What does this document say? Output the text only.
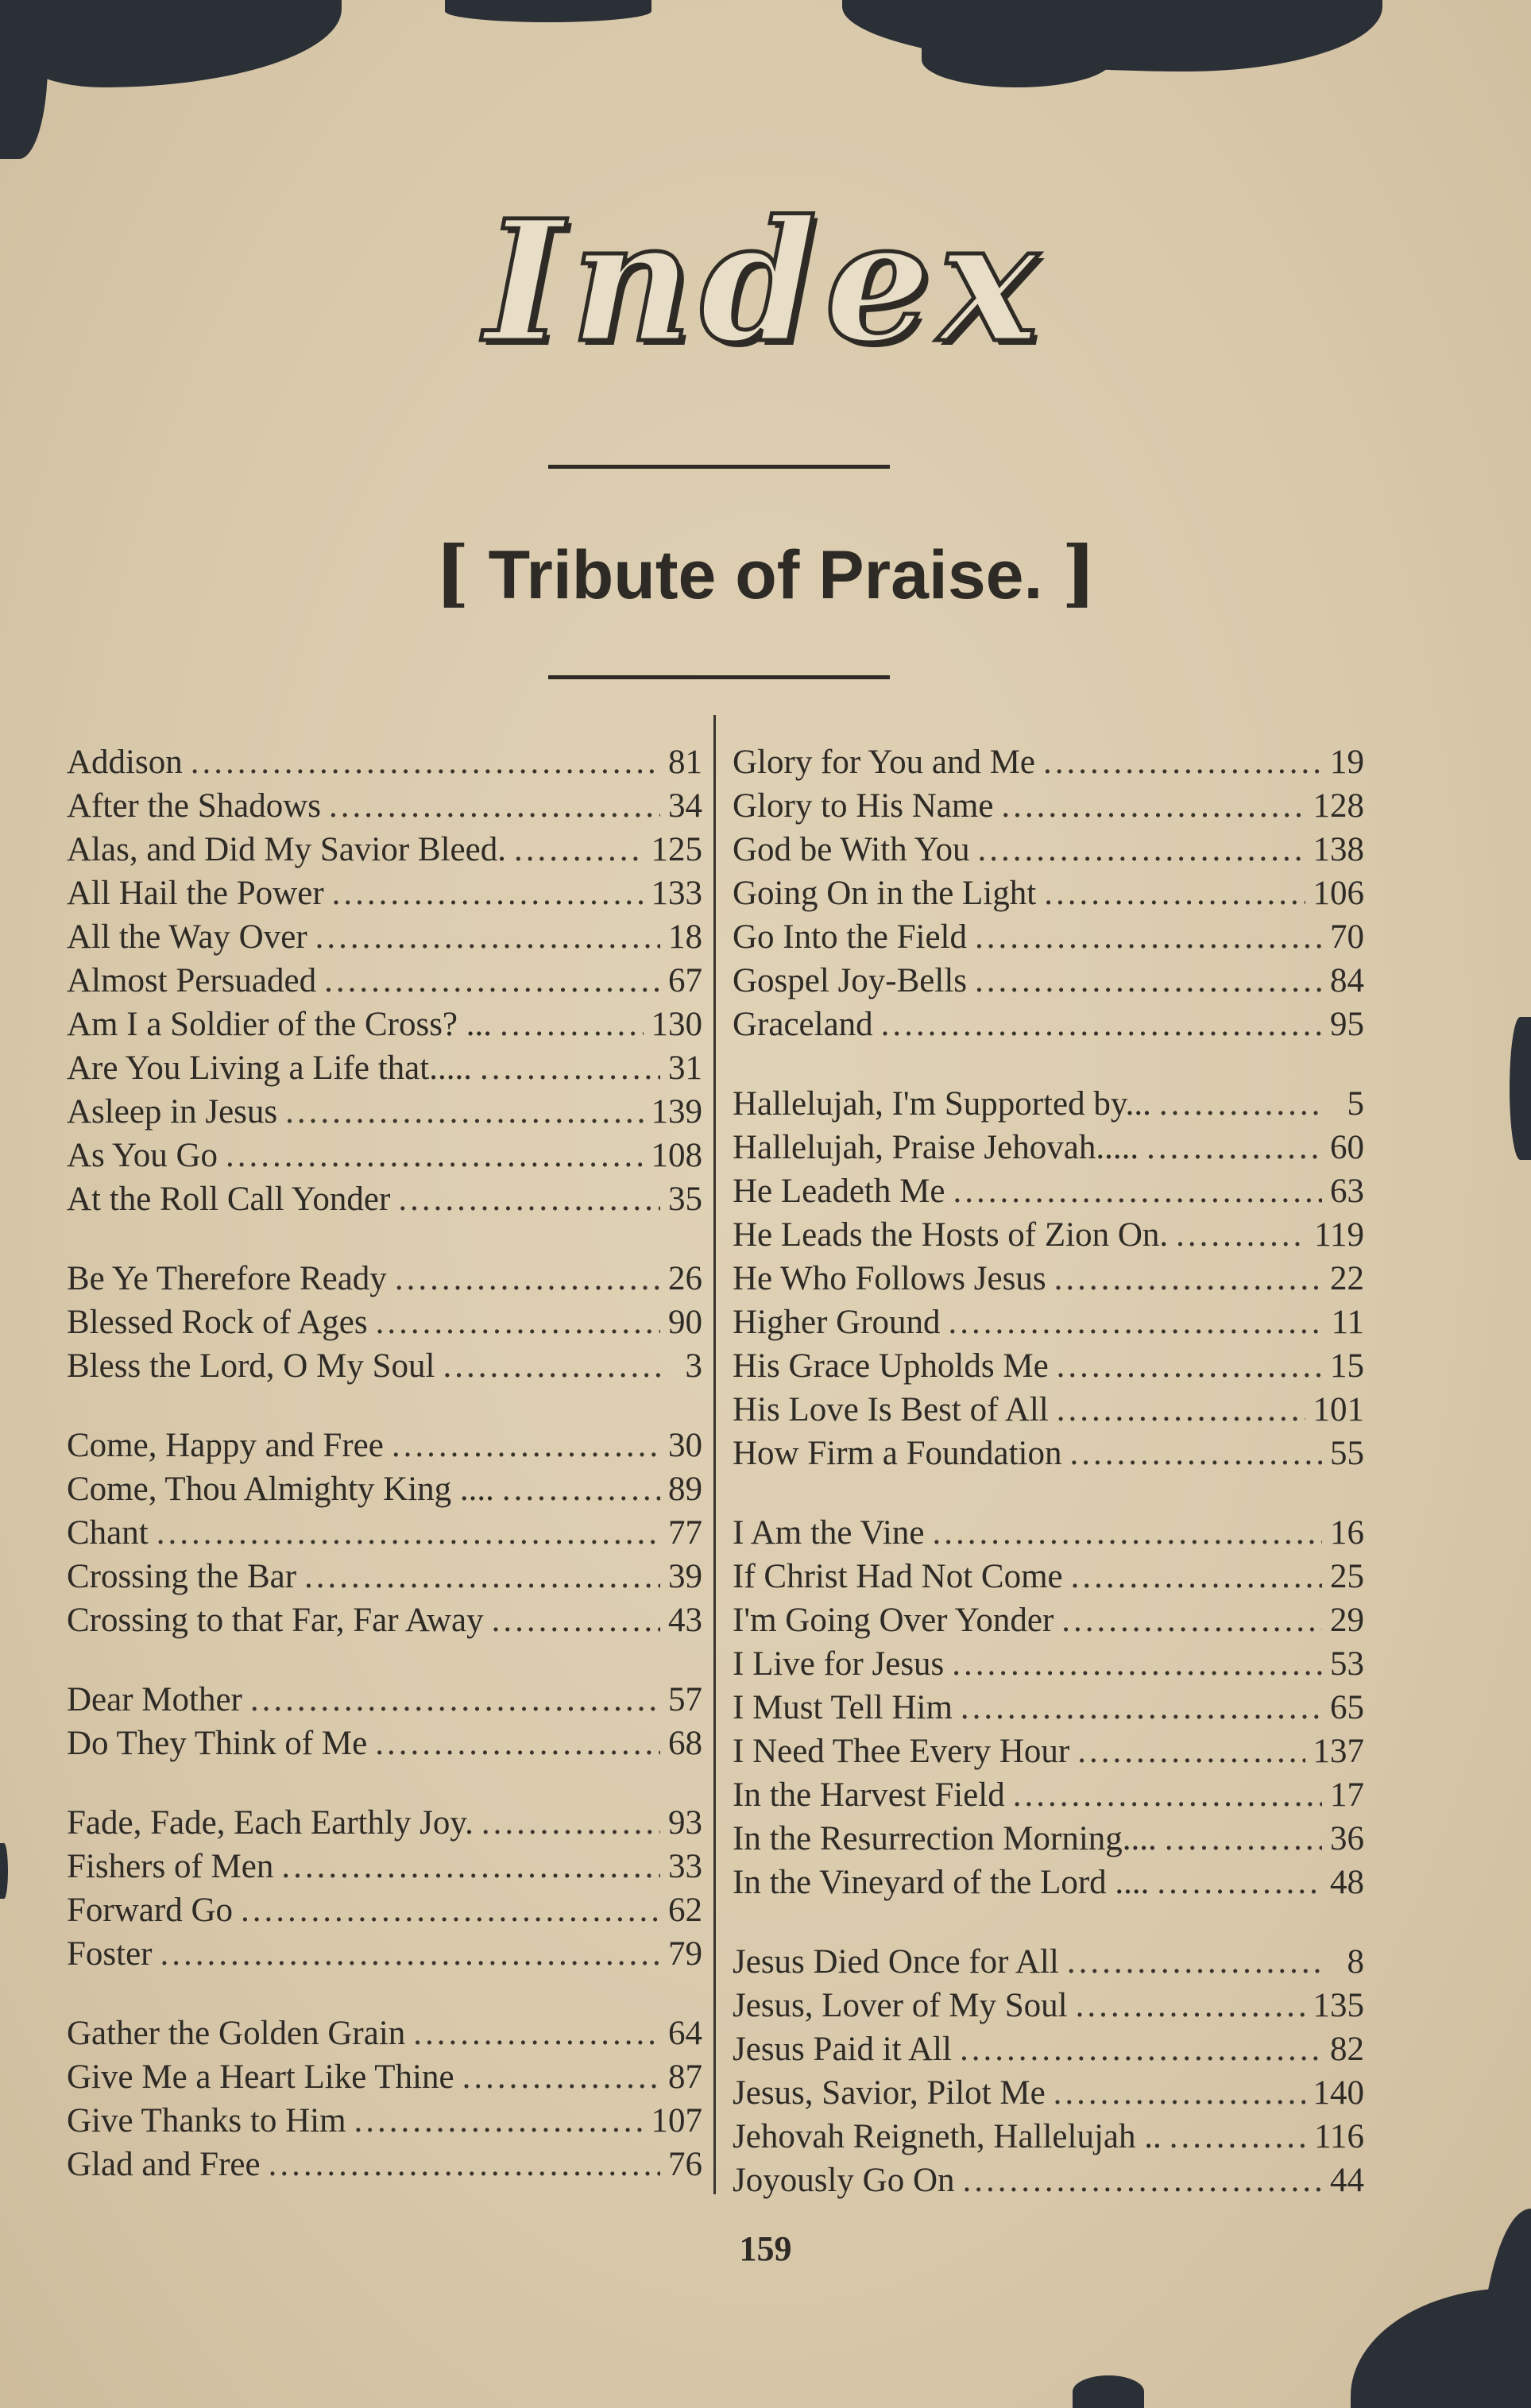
Index
[ Tribute of Praise. ]
Addison .....	81
After the Shadows .....	34
Alas, and Did My Savior Bleed. .....	125
All Hail the Power .....	133
All the Way Over .....	18
Almost Persuaded .....	67
Am I a Soldier of the Cross? ... .....	130
Are You Living a Life that..... .....	31
Asleep in Jesus .....	139
As You Go .....	108
At the Roll Call Yonder .....	35
Be Ye Therefore Ready .....	26
Blessed Rock of Ages .....	90
Bless the Lord, O My Soul .....	3
Come, Happy and Free .....	30
Come, Thou Almighty King .... .....	89
Chant .....	77
Crossing the Bar .....	39
Crossing to that Far, Far Away .....	43
Dear Mother .....	57
Do They Think of Me .....	68
Fade, Fade, Each Earthly Joy. .....	93
Fishers of Men .....	33
Forward Go .....	62
Foster .....	79
Gather the Golden Grain .....	64
Give Me a Heart Like Thine .....	87
Give Thanks to Him .....	107
Glad and Free .....	76
Glory for You and Me .....	19
Glory to His Name .....	128
God be With You .....	138
Going On in the Light .....	106
Go Into the Field .....	70
Gospel Joy-Bells .....	84
Graceland .....	95
Hallelujah, I'm Supported by... .....	5
Hallelujah, Praise Jehovah..... .....	60
He Leadeth Me .....	63
He Leads the Hosts of Zion On. .....	119
He Who Follows Jesus .....	22
Higher Ground .....	11
His Grace Upholds Me .....	15
His Love Is Best of All .....	101
How Firm a Foundation .....	55
I Am the Vine .....	16
If Christ Had Not Come .....	25
I'm Going Over Yonder .....	29
I Live for Jesus .....	53
I Must Tell Him .....	65
I Need Thee Every Hour .....	137
In the Harvest Field .....	17
In the Resurrection Morning.... .....	36
In the Vineyard of the Lord .... .....	48
Jesus Died Once for All .....	8
Jesus, Lover of My Soul .....	135
Jesus Paid it All .....	82
Jesus, Savior, Pilot Me .....	140
Jehovah Reigneth, Hallelujah .. .....	116
Joyously Go On .....	44
159
